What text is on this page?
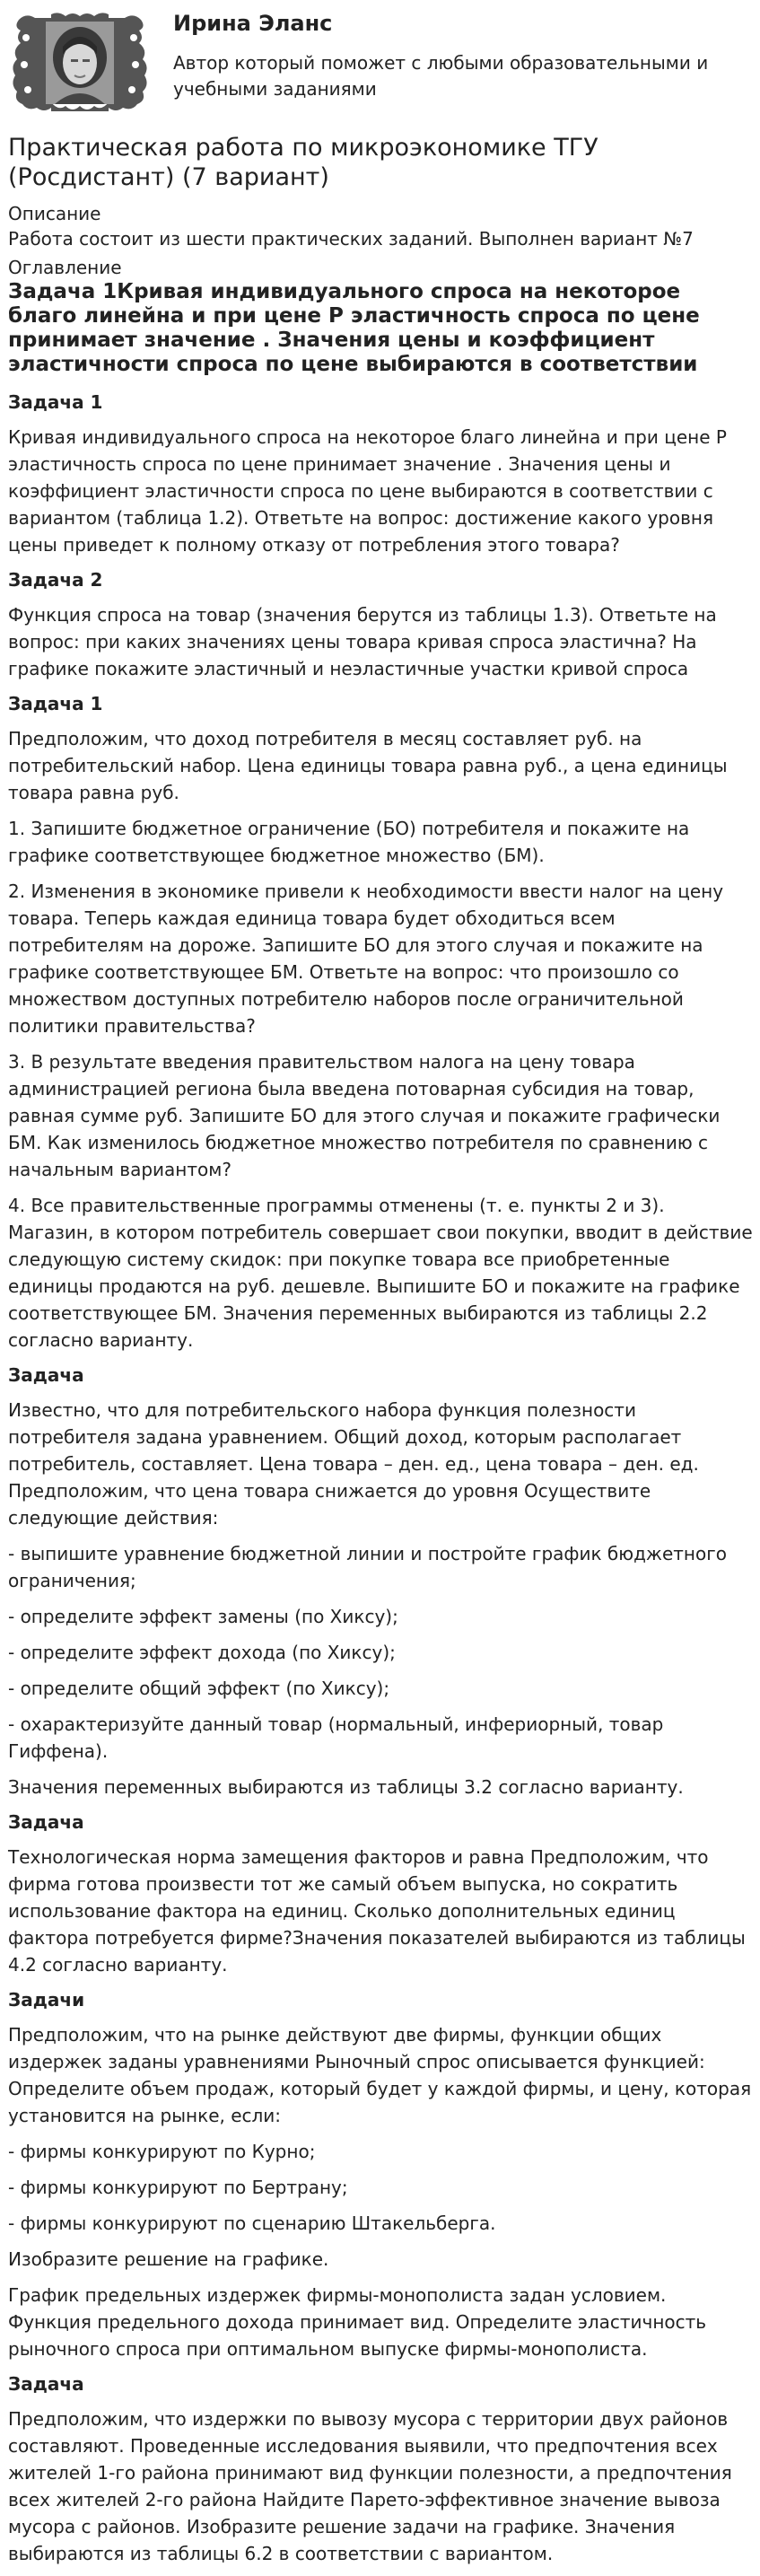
Ирина Эланс

Автор который поможет с любыми образовательными и учебными заданиями

Практическая работа по микроэкономике ТГУ (Росдистант) (7 вариант)

Описание

Работа состоит из шести практических заданий. Выполнен вариант №7

Оглавление

Задача 1Кривая индивидуального спроса на некоторое благо линейна и при цене Р эластичность спроса по цене принимает значение . Значения цены и коэффициент эластичности спроса по цене выбираются в соответствии

Задача 1

Кривая индивидуального спроса на некоторое благо линейна и при цене Р эластичность спроса по цене принимает значение . Значения цены и коэффициент эластичности спроса по цене выбираются в соответствии с вариантом (таблица 1.2). Ответьте на вопрос: достижение какого уровня цены приведет к полному отказу от потребления этого товара?

Задача 2

Функция спроса на товар (значения берутся из таблицы 1.3). Ответьте на вопрос: при каких значениях цены товара кривая спроса эластична? На графике покажите эластичный и неэластичные участки кривой спроса

Задача 1

Предположим, что доход потребителя в месяц составляет руб. на потребительский набор. Цена единицы товара равна руб., а цена единицы товара равна руб.

1. Запишите бюджетное ограничение (БО) потребителя и покажите на графике соответствующее бюджетное множество (БМ).

2. Изменения в экономике привели к необходимости ввести налог на цену товара. Теперь каждая единица товара будет обходиться всем потребителям на дороже. Запишите БО для этого случая и покажите на графике соответствующее БМ. Ответьте на вопрос: что произошло со множеством доступных потребителю наборов после ограничительной политики правительства?

3. В результате введения правительством налога на цену товара администрацией региона была введена потоварная субсидия на товар, равная сумме руб. Запишите БО для этого случая и покажите графически БМ. Как изменилось бюджетное множество потребителя по сравнению с начальным вариантом?

4. Все правительственные программы отменены (т. е. пункты 2 и 3). Магазин, в котором потребитель совершает свои покупки, вводит в действие следующую систему скидок: при покупке товара все приобретенные единицы продаются на руб. дешевле. Выпишите БО и покажите на графике соответствующее БМ. Значения переменных выбираются из таблицы 2.2 согласно варианту.

Задача

Известно, что для потребительского набора функция полезности потребителя задана уравнением. Общий доход, которым располагает потребитель, составляет. Цена товара – ден. ед., цена товара – ден. ед. Предположим, что цена товара снижается до уровня Осуществите следующие действия:

- выпишите уравнение бюджетной линии и постройте график бюджетного ограничения;

- определите эффект замены (по Хиксу);

- определите эффект дохода (по Хиксу);

- определите общий эффект (по Хиксу);

- охарактеризуйте данный товар (нормальный, инфериорный, товар Гиффена).

Значения переменных выбираются из таблицы 3.2 согласно варианту.

Задача

Технологическая норма замещения факторов и равна Предположим, что фирма готова произвести тот же самый объем выпуска, но сократить использование фактора на единиц. Сколько дополнительных единиц фактора потребуется фирме?Значения показателей выбираются из таблицы 4.2 согласно варианту.

Задачи

Предположим, что на рынке действуют две фирмы, функции общих издержек заданы уравнениями Рыночный спрос описывается функцией: Определите объем продаж, который будет у каждой фирмы, и цену, которая установится на рынке, если:

- фирмы конкурируют по Курно;

- фирмы конкурируют по Бертрану;

- фирмы конкурируют по сценарию Штакельберга.

Изобразите решение на графике.

График предельных издержек фирмы-монополиста задан условием. Функция предельного дохода принимает вид. Определите эластичность рыночного спроса при оптимальном выпуске фирмы-монополиста.

Задача

Предположим, что издержки по вывозу мусора с территории двух районов составляют. Проведенные исследования выявили, что предпочтения всех жителей 1-го района принимают вид функции полезности, а предпочтения всех жителей 2-го района Найдите Парето-эффективное значение вывоза мусора с районов. Изобразите решение задачи на графике. Значения выбираются из таблицы 6.2 в соответствии с вариантом.
